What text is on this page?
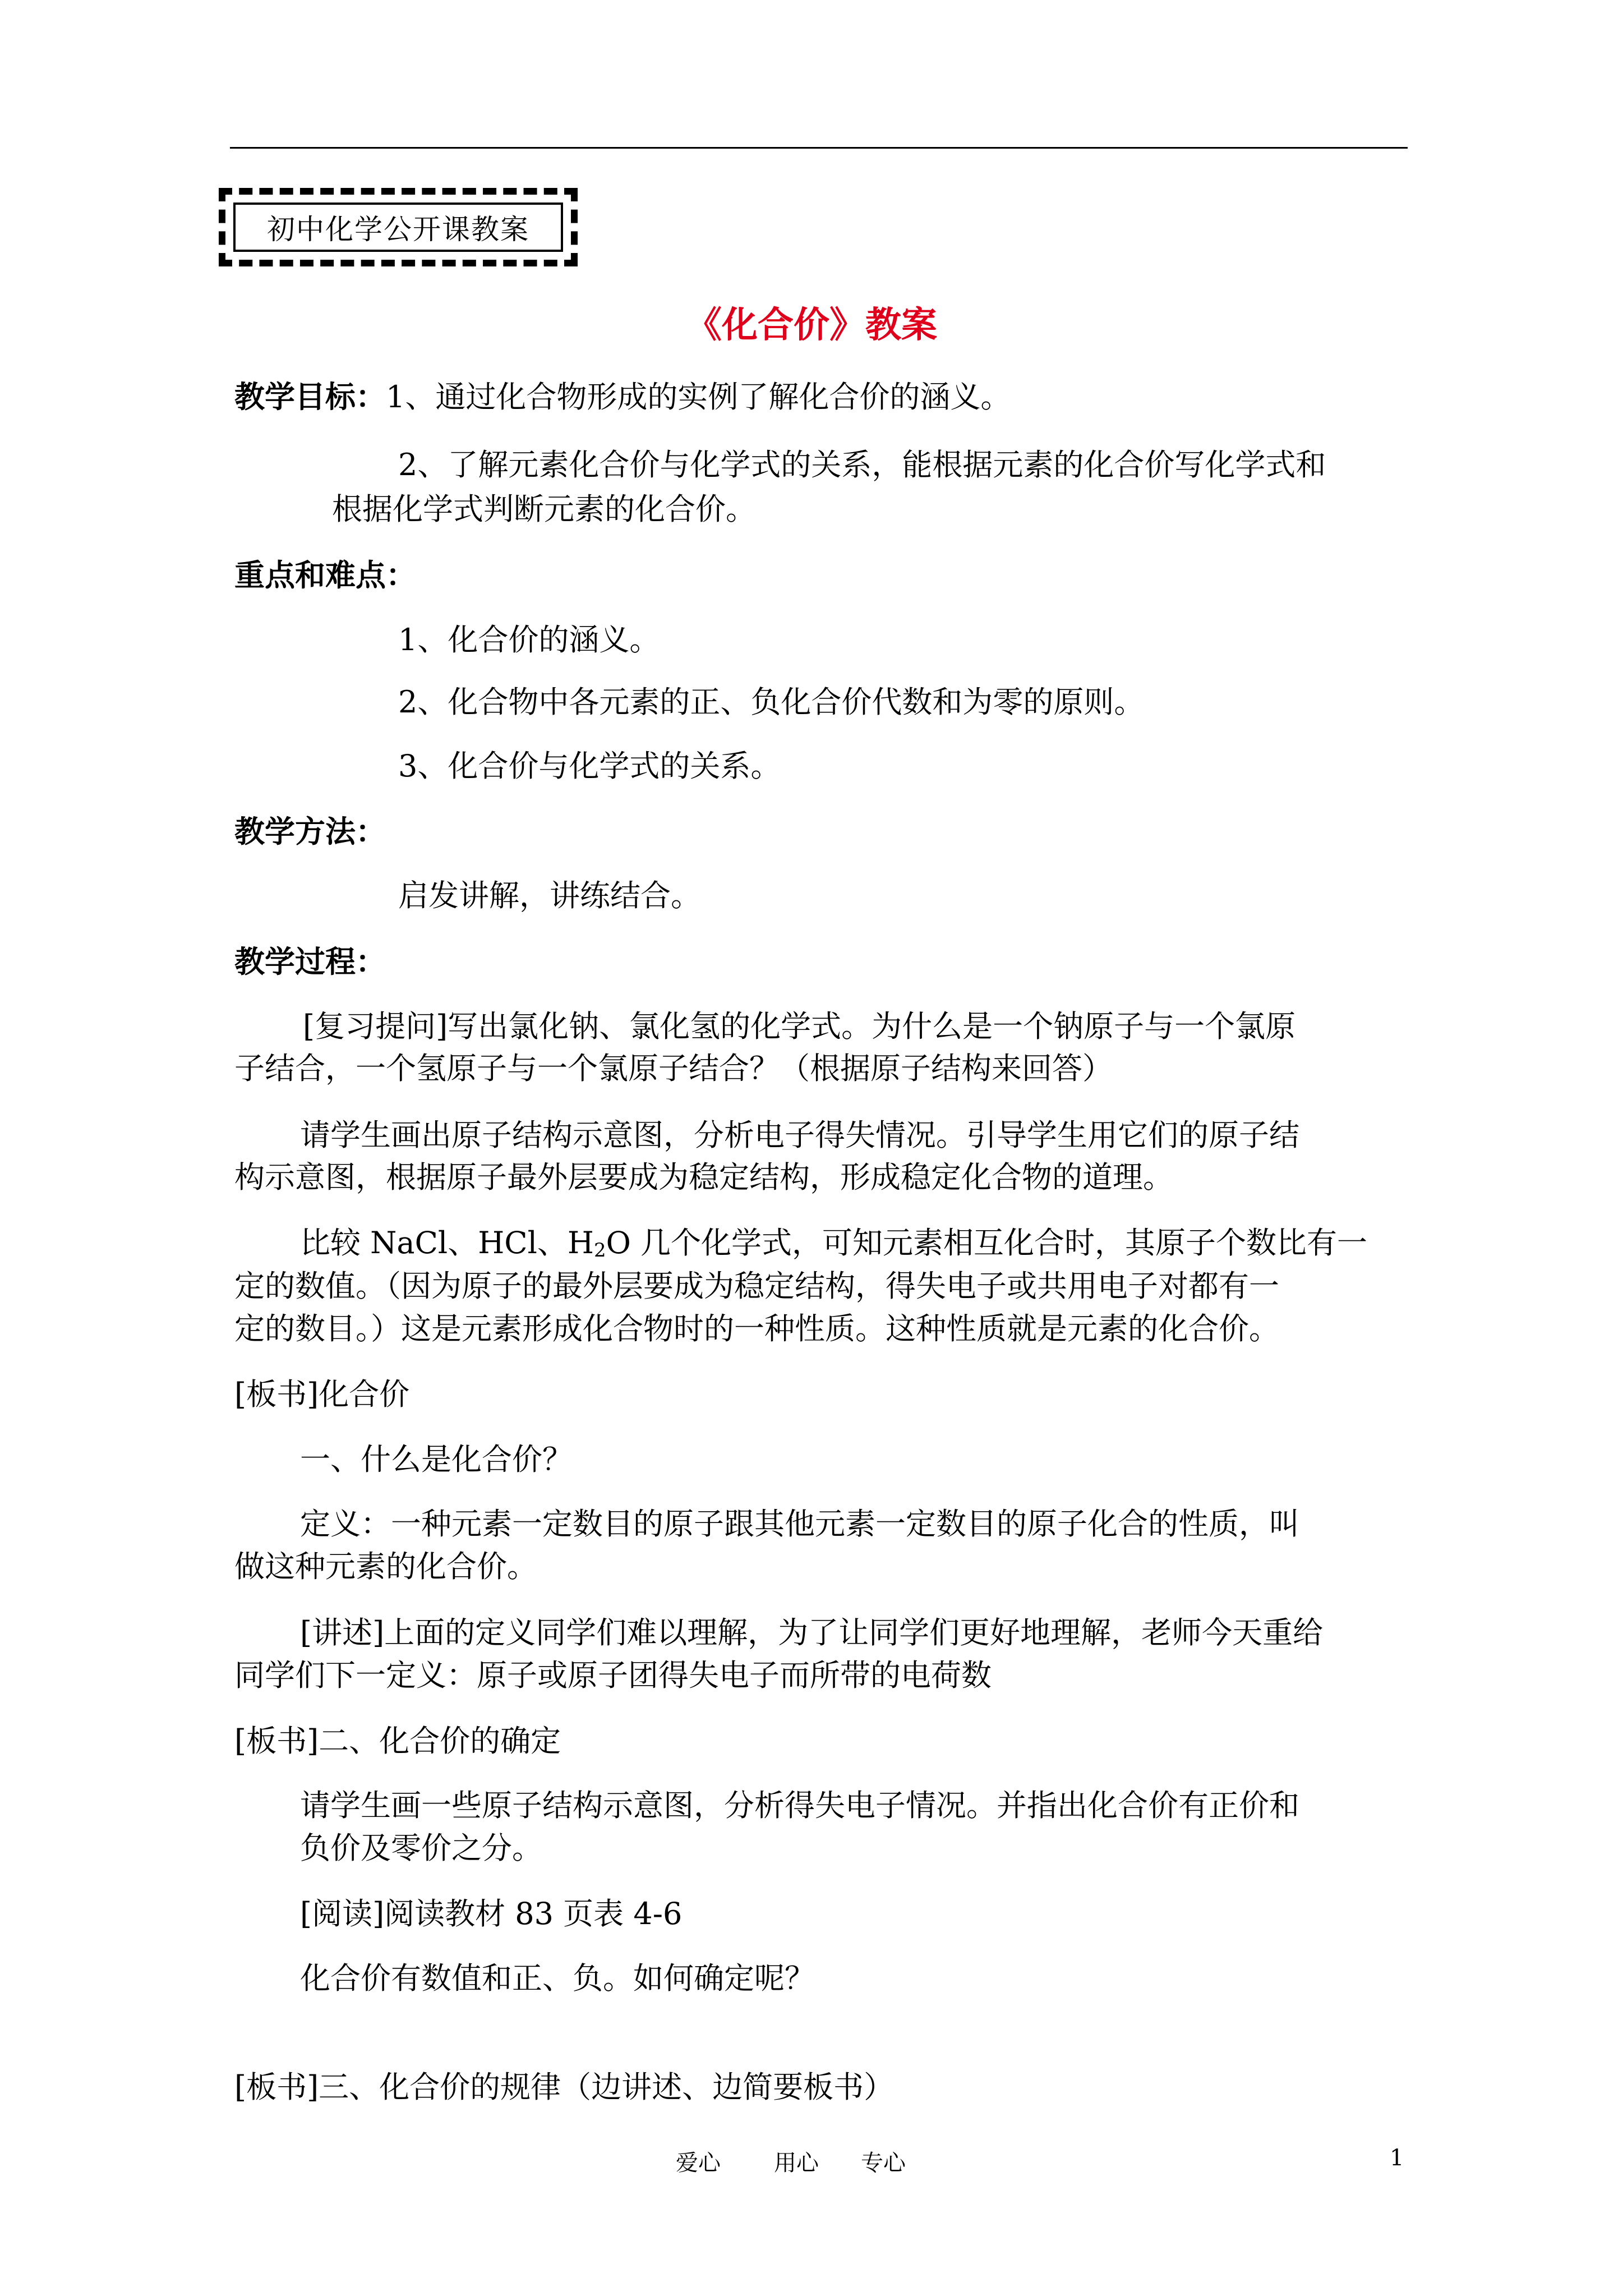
初中化学公开课教案
《化合价》教案
教学目标：1、通过化合物形成的实例了解化合价的涵义。
2、了解元素化合价与化学式的关系，能根据元素的化合价写化学式和
根据化学式判断元素的化合价。
重点和难点：
1、化合价的涵义。
2、化合物中各元素的正、负化合价代数和为零的原则。
3、化合价与化学式的关系。
教学方法：
启发讲解，讲练结合。
教学过程：
[复习提问]写出氯化钠、氯化氢的化学式。为什么是一个钠原子与一个氯原
子结合，一个氢原子与一个氯原子结合？（根据原子结构来回答）
请学生画出原子结构示意图，分析电子得失情况。引导学生用它们的原子结
构示意图，根据原子最外层要成为稳定结构，形成稳定化合物的道理。
比较 NaCl、HCl、H2O 几个化学式，可知元素相互化合时，其原子个数比有一
定的数值。（因为原子的最外层要成为稳定结构，得失电子或共用电子对都有一
定的数目。）这是元素形成化合物时的一种性质。这种性质就是元素的化合价。
[板书]化合价
一、什么是化合价？
定义：一种元素一定数目的原子跟其他元素一定数目的原子化合的性质，叫
做这种元素的化合价。
[讲述]上面的定义同学们难以理解，为了让同学们更好地理解，老师今天重给
同学们下一定义：原子或原子团得失电子而所带的电荷数
[板书]二、化合价的确定
请学生画一些原子结构示意图，分析得失电子情况。并指出化合价有正价和
负价及零价之分。
[阅读]阅读教材 83 页表 4-6
化合价有数值和正、负。如何确定呢？
[板书]三、化合价的规律（边讲述、边简要板书）
爱心 用心 专心	1
